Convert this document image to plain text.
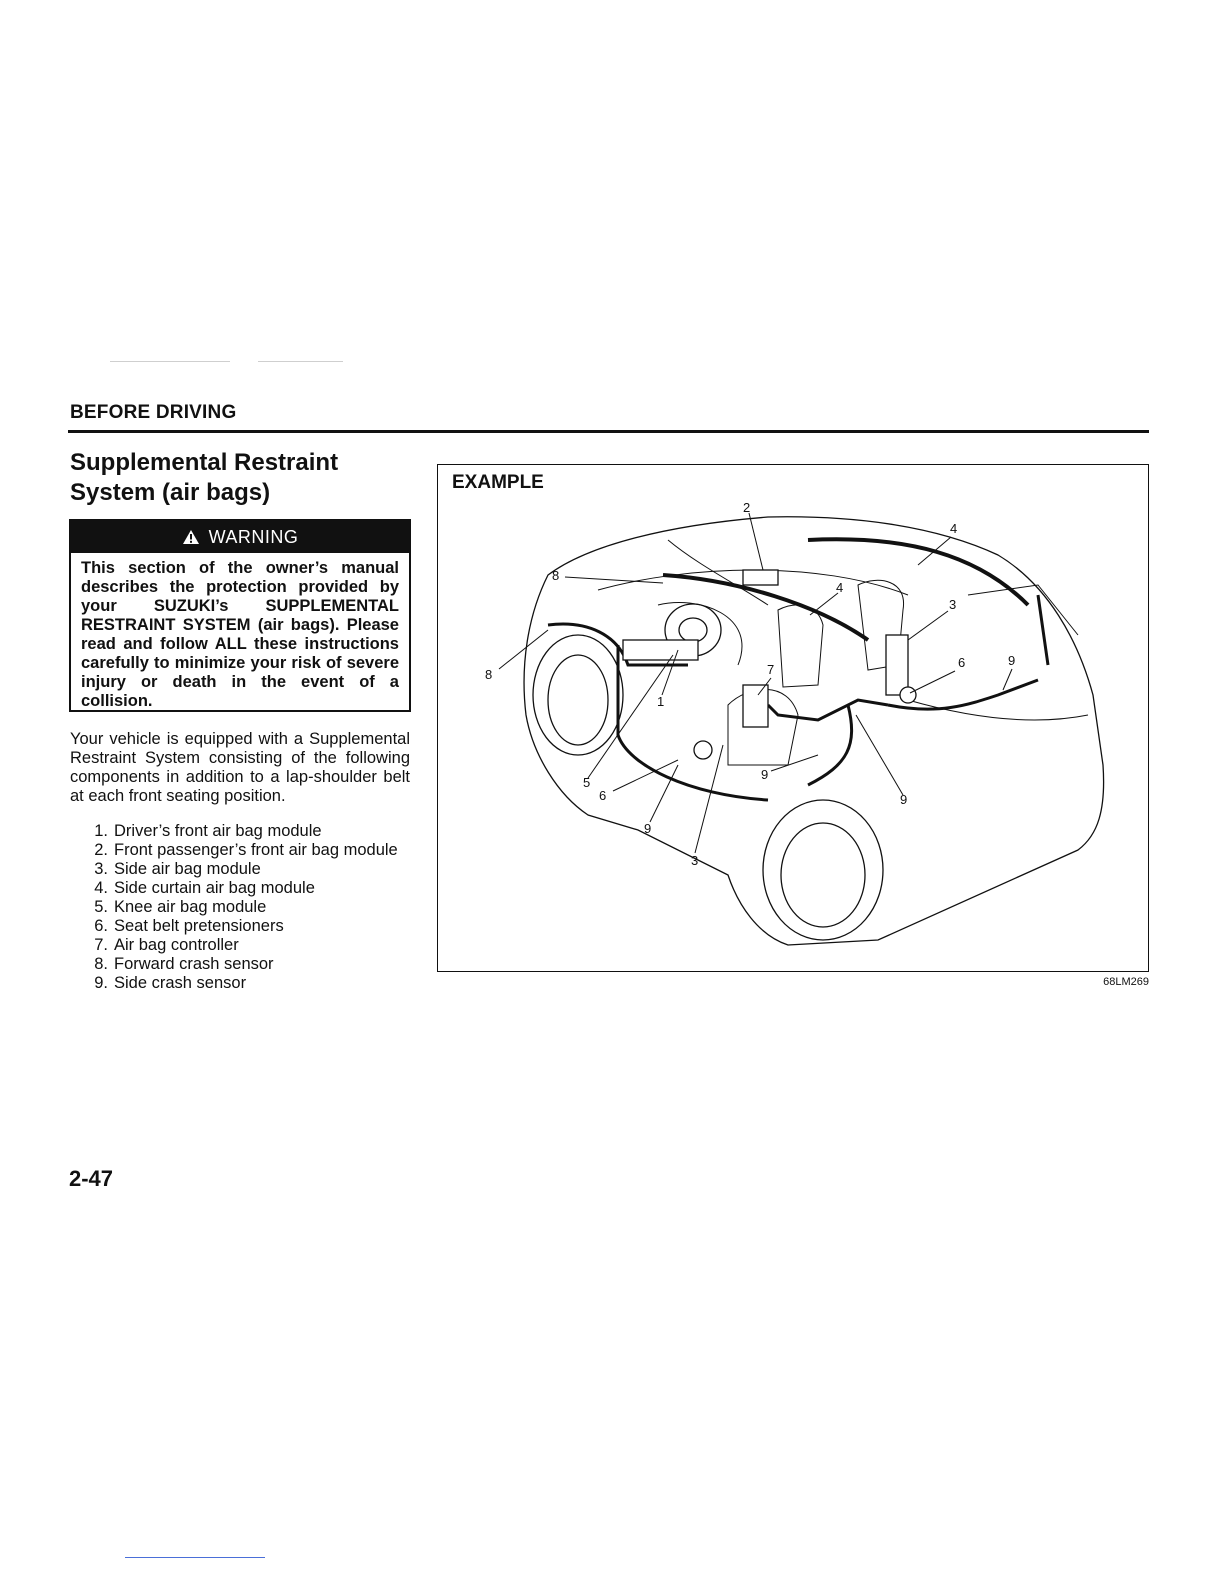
BEFORE DRIVING
Supplemental Restraint
System (air bags)
WARNING
This section of the owner’s manual describes the protection provided by your SUZUKI’s SUPPLEMENTAL RESTRAINT SYSTEM (air bags). Please read and follow ALL these instructions carefully to minimize your risk of severe injury or death in the event of a collision.

Your vehicle is equipped with a Supplemental Restraint System consisting of the following components in addition to a lap-shoulder belt at each front seating position.

1. Driver’s front air bag module
2. Front passenger’s front air bag module
3. Side air bag module
4. Side curtain air bag module
5. Knee air bag module
6. Seat belt pretensioners
7. Air bag controller
8. Forward crash sensor
9. Side crash sensor
2-47
EXAMPLE
2
4
8
4
3
8	7	6	9
1
9
5
6	9
9
3
68LM269
